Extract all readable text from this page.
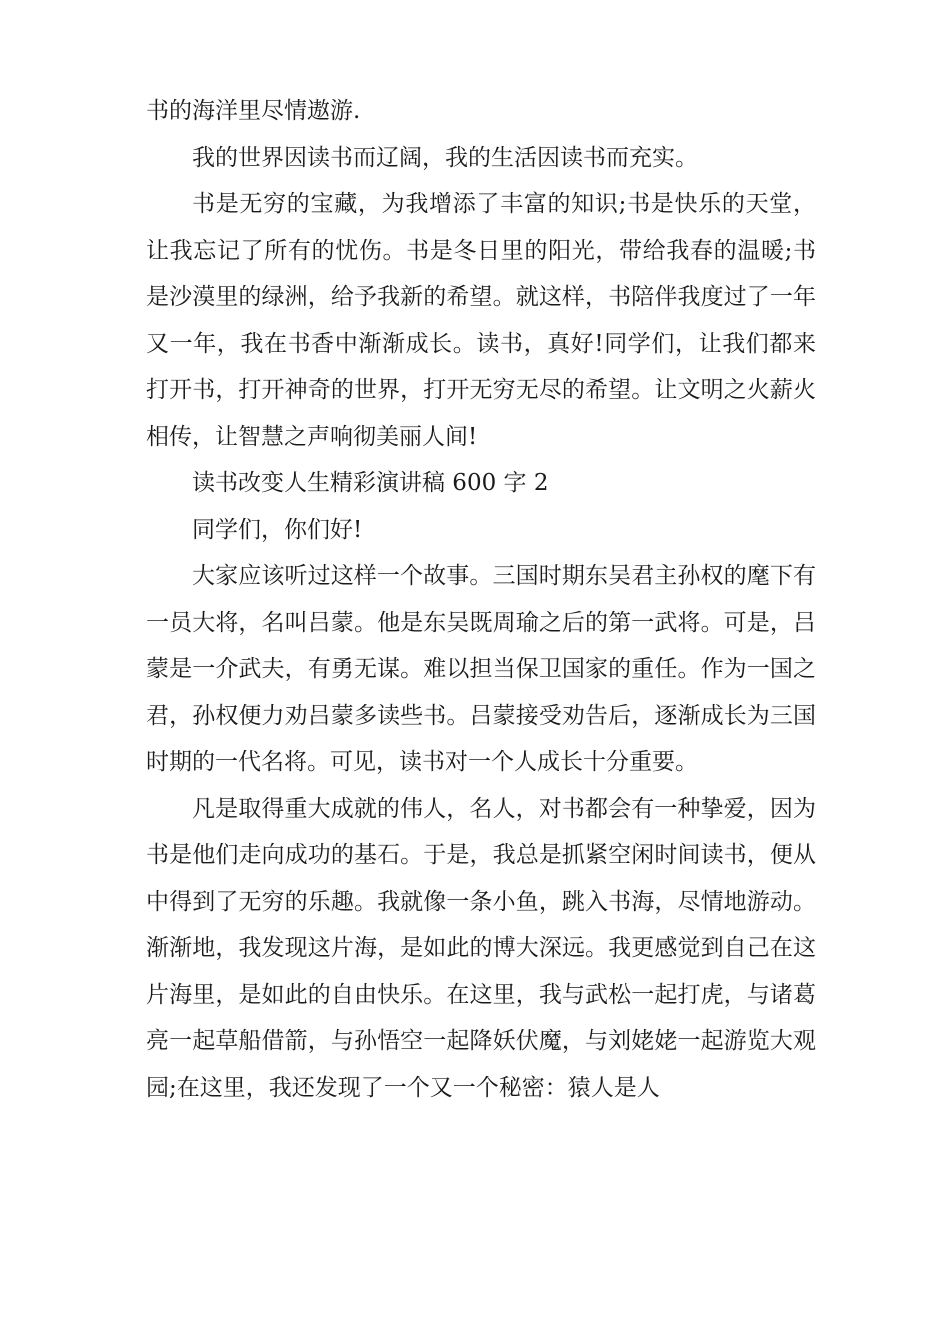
书的海洋里尽情遨游.

我的世界因读书而辽阔，我的生活因读书而充实。

书是无穷的宝藏，为我增添了丰富的知识;书是快乐的天堂，让我忘记了所有的忧伤。书是冬日里的阳光，带给我春的温暖;书是沙漠里的绿洲，给予我新的希望。就这样，书陪伴我度过了一年又一年，我在书香中渐渐成长。读书，真好!同学们，让我们都来打开书，打开神奇的世界，打开无穷无尽的希望。让文明之火薪火相传，让智慧之声响彻美丽人间!

读书改变人生精彩演讲稿 600 字 2

同学们，你们好!

大家应该听过这样一个故事。三国时期东吴君主孙权的麾下有一员大将，名叫吕蒙。他是东吴既周瑜之后的第一武将。可是，吕蒙是一介武夫，有勇无谋。难以担当保卫国家的重任。作为一国之君，孙权便力劝吕蒙多读些书。吕蒙接受劝告后，逐渐成长为三国时期的一代名将。可见，读书对一个人成长十分重要。

凡是取得重大成就的伟人，名人，对书都会有一种挚爱，因为书是他们走向成功的基石。于是，我总是抓紧空闲时间读书，便从中得到了无穷的乐趣。我就像一条小鱼，跳入书海，尽情地游动。渐渐地，我发现这片海，是如此的博大深远。我更感觉到自己在这片海里，是如此的自由快乐。在这里，我与武松一起打虎，与诸葛亮一起草船借箭，与孙悟空一起降妖伏魔，与刘姥姥一起游览大观园;在这里，我还发现了一个又一个秘密：猿人是人
